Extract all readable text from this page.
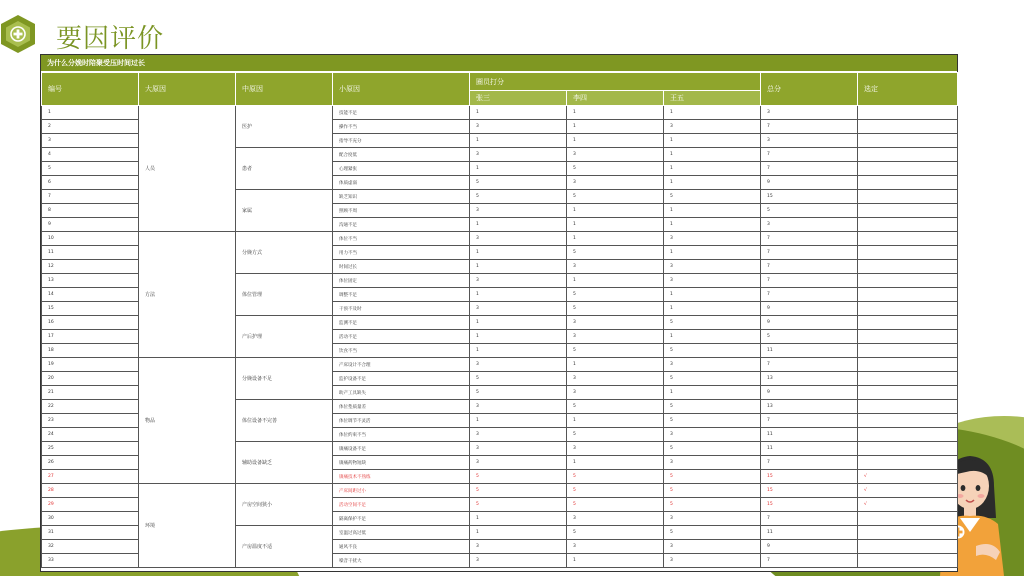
要因评价
为什么分娩时陪聚受压时间过长
编号	大原因	中原因	小原因	圈员打分			总分	选定
				张三	李四	王五		
1	人员	医护	技能不足	1	1	1	3	
2			操作不当	3	1	3	7	
3			指导不充分	1	1	1	3	
4		患者	配合度低	3	3	1	7	
5			心理紧张	1	5	1	7	
6			体质虚弱	5	3	1	9	
7		家属	缺乏知识	5	5	5	15	
8			照顾不周	3	1	1	5	
9			沟通不足	1	1	1	3	
10	方法	分娩方式	体位不当	3	1	3	7	
11			用力不当	1	5	1	7	
12			时间过长	1	3	3	7	
13		体位管理	体位固定	3	1	3	7	
14			调整不足	1	5	1	7	
15			干预不及时	3	5	1	9	
16		产后护理	监测不足	1	3	5	9	
17			活动不足	1	3	1	5	
18			饮食不当	1	5	5	11	
19	物品	分娩设备不足	产床设计不合理	3	1	3	7	
20			监护设备不足	5	3	5	13	
21			助产工具缺失	5	3	1	9	
22		体位设备不完善	体位垫质量差	3	5	5	13	
23			体位调节不灵活	1	1	5	7	
24			体位约束不当	3	5	3	11	
25		辅助设备缺乏	镇痛设备不足	3	3	5	11	
26			镇痛药物短缺	3	1	3	7	
27			镇痛技术不熟练	5	5	5	15	√
28	环境	产房空间狭小	产床间距过小	5	5	5	15	√
29			活动空间不足	5	5	5	15	√
30			隔离保护不足	1	3	3	7	
31		产房温度不适	室温过高过低	1	5	5	11	
32			通风不良	3	3	3	9	
33			噪音干扰大	3	1	3	7	
